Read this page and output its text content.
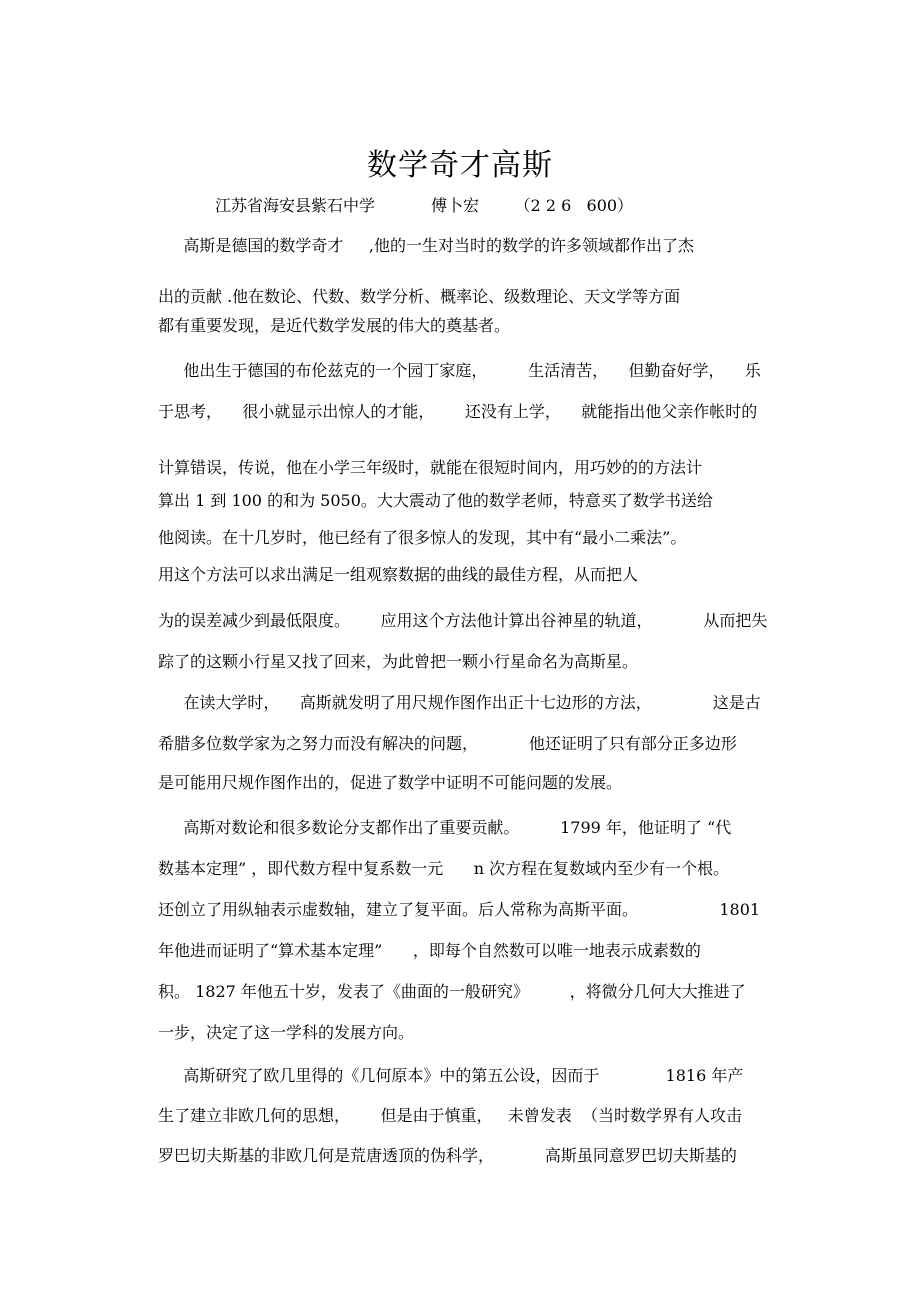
数学奇才高斯
江苏省海安县紫石中学           傅卜宏       （2 2 6   600）
高斯是德国的数学奇才     ,他的一生对当时的数学的许多领域都作出了杰
出的贡献 .他在数论、代数、数学分析、概率论、级数理论、天文学等方面
都有重要发现，是近代数学发展的伟大的奠基者。
他出生于德国的布伦兹克的一个园丁家庭，        生活清苦，    但勤奋好学，    乐
于思考，    很小就显示出惊人的才能，      还没有上学，    就能指出他父亲作帐时的
计算错误，传说，他在小学三年级时，就能在很短时间内，用巧妙的的方法计
算出 1 到 100 的和为 5050。大大震动了他的数学老师，特意买了数学书送给
他阅读。在十几岁时，他已经有了很多惊人的发现，其中有“最小二乘法”。
用这个方法可以求出满足一组观察数据的曲线的最佳方程，从而把人
为的误差减少到最低限度。      应用这个方法他计算出谷神星的轨道，          从而把失
踪了的这颗小行星又找了回来，为此曾把一颗小行星命名为高斯星。
在读大学时，    高斯就发明了用尺规作图作出正十七边形的方法，            这是古
希腊多位数学家为之努力而没有解决的问题，          他还证明了只有部分正多边形
是可能用尺规作图作出的，促进了数学中证明不可能问题的发展。
高斯对数论和很多数论分支都作出了重要贡献。        1799 年，他证明了 “代
数基本定理” ，即代数方程中复系数一元      n 次方程在复数域内至少有一个根。
还创立了用纵轴表示虚数轴，建立了复平面。后人常称为高斯平面。                1801
年他进而证明了“算术基本定理”      ，即每个自然数可以唯一地表示成素数的
积。 1827 年他五十岁，发表了《曲面的一般研究》        ，将微分几何大大推进了
一步，决定了这一学科的发展方向。
高斯研究了欧几里得的《几何原本》中的第五公设，因而于             1816 年产
生了建立非欧几何的思想，      但是由于慎重，   未曾发表  （当时数学界有人攻击
罗巴切夫斯基的非欧几何是荒唐透顶的伪科学，          高斯虽同意罗巴切夫斯基的
